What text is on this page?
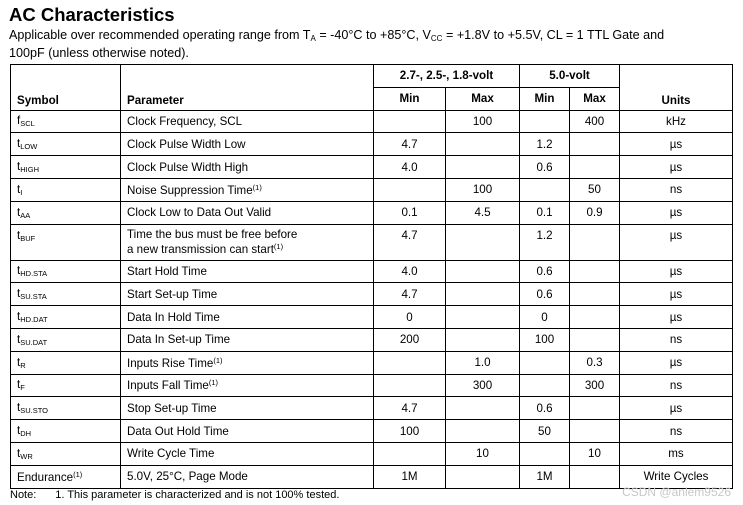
AC Characteristics
Applicable over recommended operating range from $T_A = -40^\circ C$ to +85°C, $V_{CC} = +1.8V$ to +5.5V, CL = 1 TTL Gate and
100pF (unless otherwise noted).
Symbol	Parameter	2.7-, 2.5-, 1.8-volt		5.0-volt		Units
		Min	Max	Min	Max	
$f_{SCL}$	Clock Frequency, SCL		100		400	kHz
$t_{LOW}$	Clock Pulse Width Low	4.7		1.2		µs
$t_{HIGH}$	Clock Pulse Width High	4.0		0.6		µs
$t_I$	Noise Suppression Time$^{(1)}$		100		50	ns
$t_{AA}$	Clock Low to Data Out Valid	0.1	4.5	0.1	0.9	µs
$t_{BUF}$	Time the bus must be free before
a new transmission can start$^{(1)}$	4.7		1.2		µs
$t_{HD.STA}$	Start Hold Time	4.0		0.6		µs
$t_{SU.STA}$	Start Set-up Time	4.7		0.6		µs
$t_{HD.DAT}$	Data In Hold Time	0		0		µs
$t_{SU.DAT}$	Data In Set-up Time	200		100		ns
$t_R$	Inputs Rise Time$^{(1)}$		1.0		0.3	µs
$t_F$	Inputs Fall Time$^{(1)}$		300		300	ns
$t_{SU.STO}$	Stop Set-up Time	4.7		0.6		µs
$t_{DH}$	Data Out Hold Time	100		50		ns
$t_{WR}$	Write Cycle Time		10		10	ms
Endurance$^{(1)}$	5.0V, 25°C, Page Mode	1M		1M		Write Cycles
Note: 1. This parameter is characterized and is not 100% tested.	CSDN @anlem9526
